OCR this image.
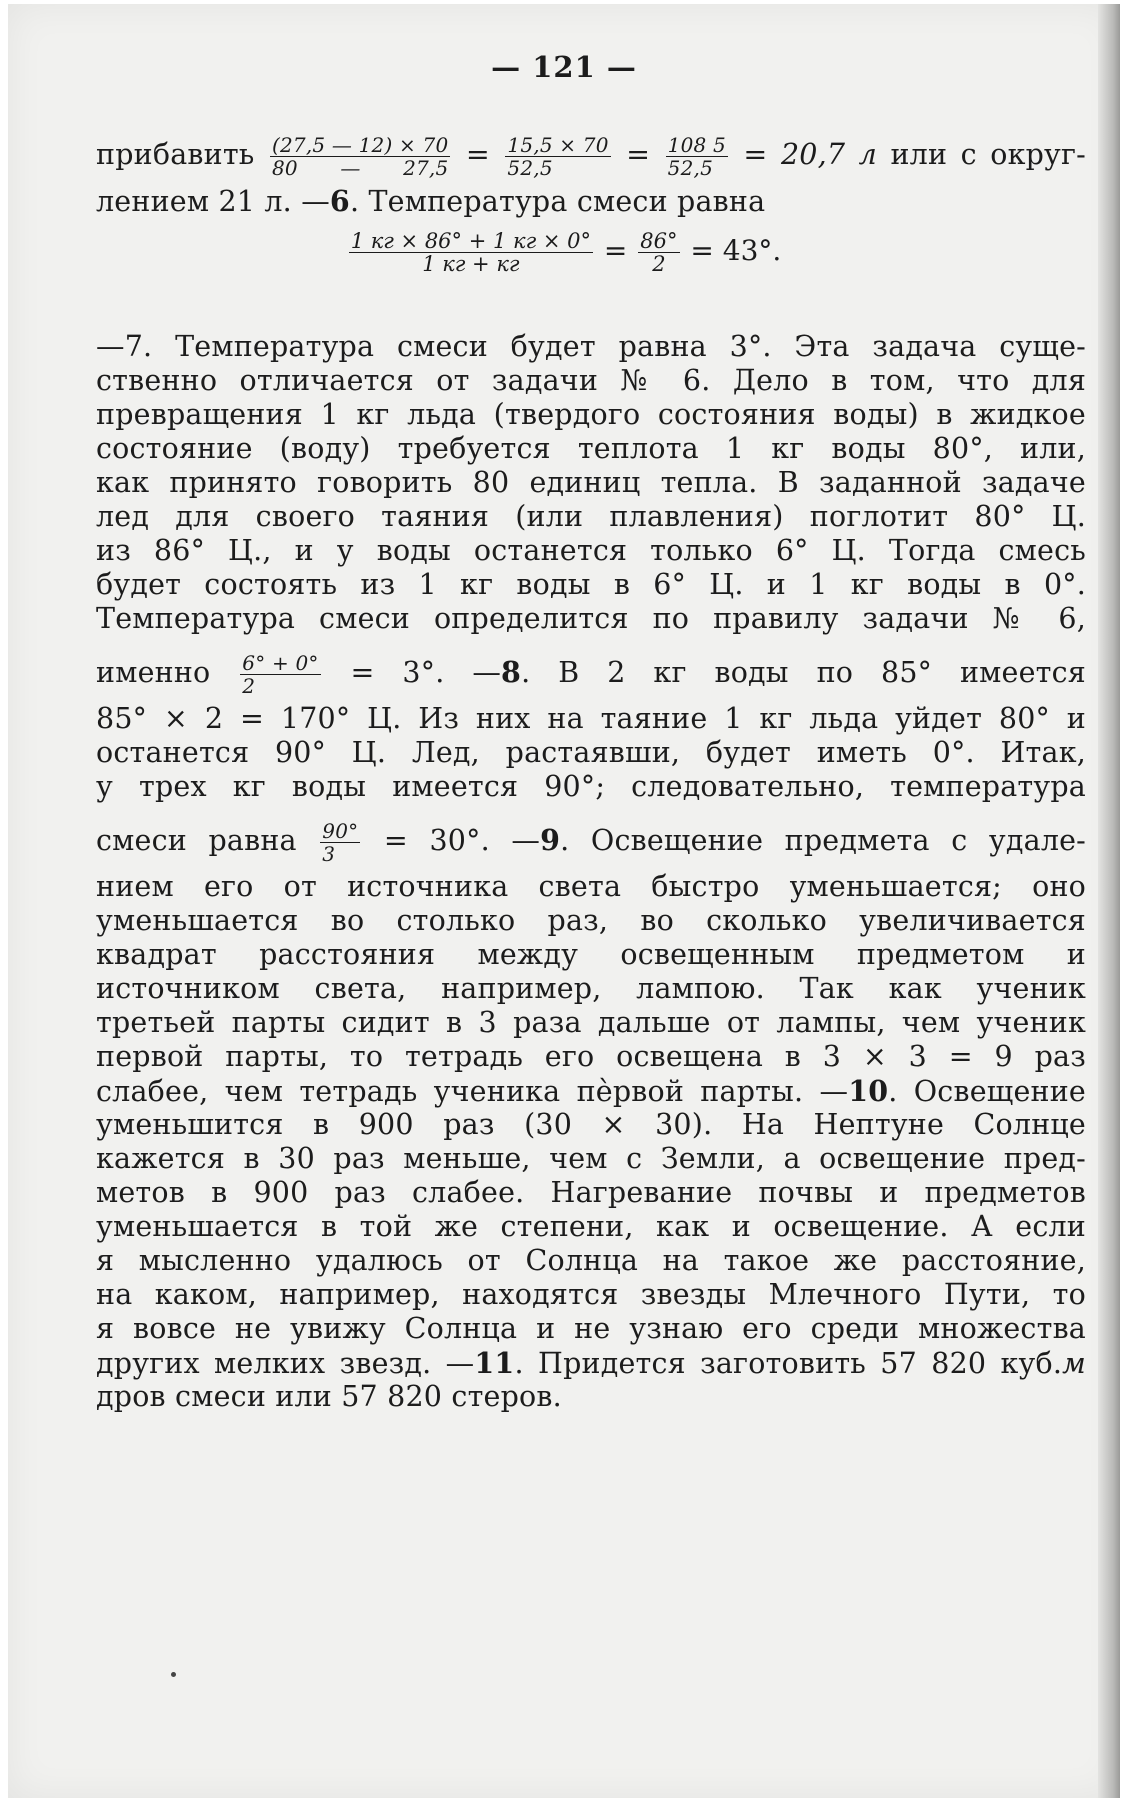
— 121 —
прибавить $\frac{(27,5 — 12) \times 70}{80 — 27,5} = \frac{15,5 \times 70}{52,5} = \frac{108 5}{52,5} = 20,7$ л или с округ-
лением 21 л. —6. Температура смеси равна
$\frac{1 кг \times 86^\circ + 1 кг \times 0^\circ}{1 кг + кг} = \frac{86^\circ}{2} = 43^\circ$.
—7. Температура смеси будет равна 3°. Эта задача суще-
ственно отличается от задачи № 6. Дело в том, что для
превращения 1 кг льда (твердого состояния воды) в жидкое
состояние (воду) требуется теплота 1 кг воды 80°, или,
как принято говорить 80 единиц тепла. В заданной задаче
лед для своего таяния (или плавления) поглотит 80° Ц.
из 86° Ц., и у воды останется только 6° Ц. Тогда смесь
будет состоять из 1 кг воды в 6° Ц. и 1 кг воды в 0°.
Температура смеси определится по правилу задачи № 6,
именно $\frac{6^\circ + 0^\circ}{2} = 3^\circ$. —8. В 2 кг воды по 85° имеется
85° × 2 = 170° Ц. Из них на таяние 1 кг льда уйдет 80° и
останется 90° Ц. Лед, растаявши, будет иметь 0°. Итак,
у трех кг воды имеется 90°; следовательно, температура
смеси равна $\frac{90^\circ}{3} = 30^\circ$. —9. Освещение предмета с удале-
нием его от источника света быстро уменьшается; оно
уменьшается во столько раз, во сколько увеличивается
квадрат расстояния между освещенным предметом и
источником света, например, лампою. Так как ученик
третьей парты сидит в 3 раза дальше от лампы, чем ученик
первой парты, то тетрадь его освещена в 3 × 3 = 9 раз
слабее, чем тетрадь ученика пѐрвой парты. —10. Освещение
уменьшится в 900 раз (30 × 30). На Нептуне Солнце
кажется в 30 раз меньше, чем с Земли, а освещение пред-
метов в 900 раз слабее. Нагревание почвы и предметов
уменьшается в той же степени, как и освещение. А если
я мысленно удалюсь от Солнца на такое же расстояние,
на каком, например, находятся звезды Млечного Пути, то
я вовсе не увижу Солнца и не узнаю его среди множества
других мелких звезд. —11. Придется заготовить 57 820 куб.м
дров смеси или 57 820 стеров.
